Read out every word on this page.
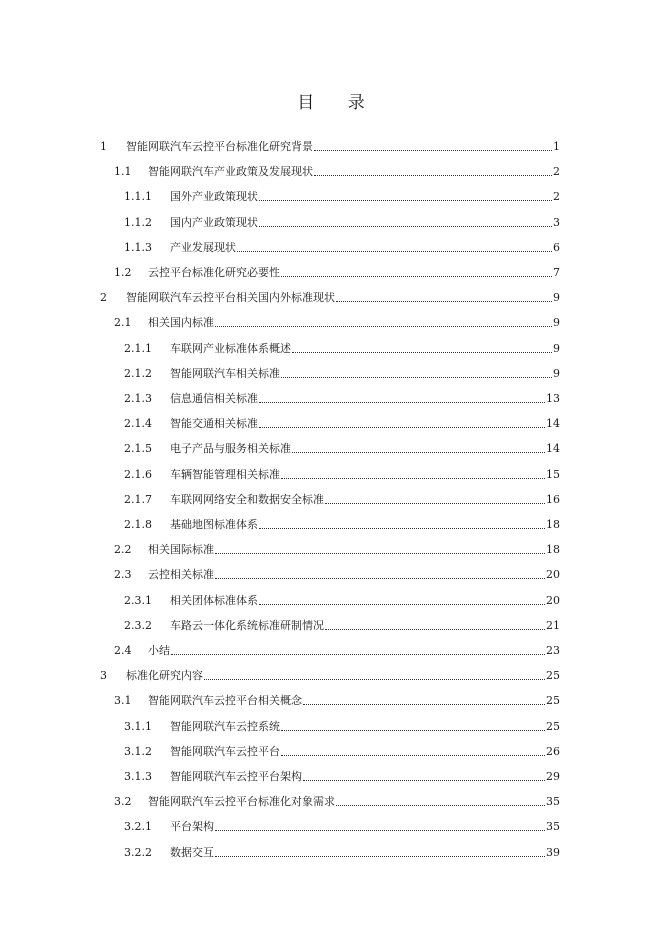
目 录
1	智能网联汽车云控平台标准化研究背景	1
1.1	智能网联汽车产业政策及发展现状	2
1.1.1	国外产业政策现状	2
1.1.2	国内产业政策现状	3
1.1.3	产业发展现状	6
1.2	云控平台标准化研究必要性	7
2	智能网联汽车云控平台相关国内外标准现状	9
2.1	相关国内标准	9
2.1.1	车联网产业标准体系概述	9
2.1.2	智能网联汽车相关标准	9
2.1.3	信息通信相关标准	13
2.1.4	智能交通相关标准	14
2.1.5	电子产品与服务相关标准	14
2.1.6	车辆智能管理相关标准	15
2.1.7	车联网网络安全和数据安全标准	16
2.1.8	基础地图标准体系	18
2.2	相关国际标准	18
2.3	云控相关标准	20
2.3.1	相关团体标准体系	20
2.3.2	车路云一体化系统标准研制情况	21
2.4	小结	23
3	标准化研究内容	25
3.1	智能网联汽车云控平台相关概念	25
3.1.1	智能网联汽车云控系统	25
3.1.2	智能网联汽车云控平台	26
3.1.3	智能网联汽车云控平台架构	29
3.2	智能网联汽车云控平台标准化对象需求	35
3.2.1	平台架构	35
3.2.2	数据交互	39
